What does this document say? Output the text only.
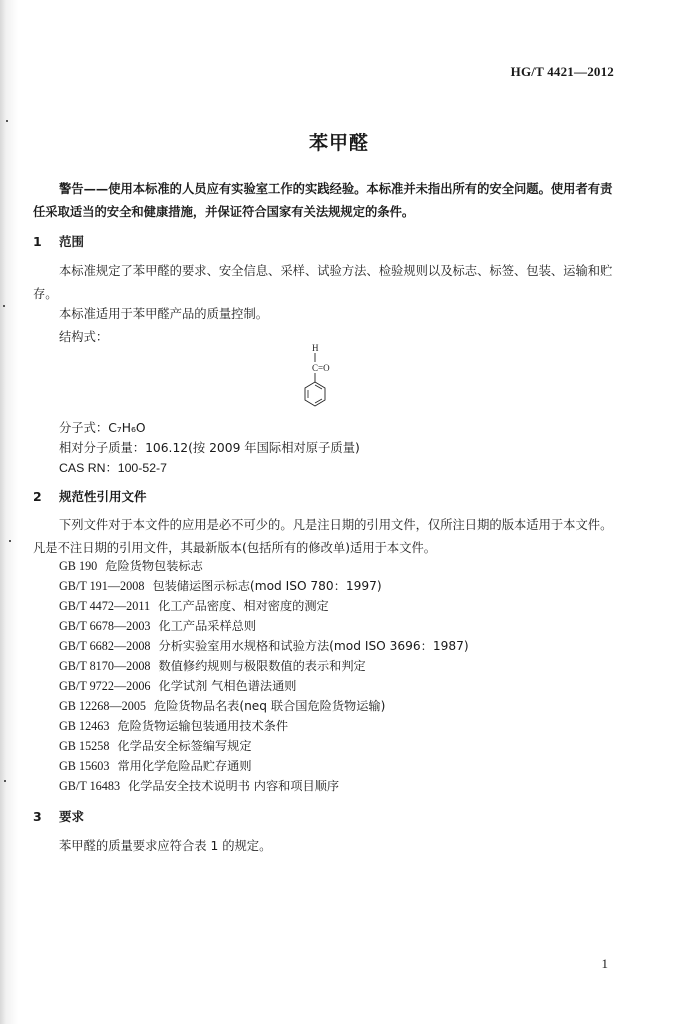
HG/T 4421—2012
苯甲醛
警告——使用本标准的人员应有实验室工作的实践经验。本标准并未指出所有的安全问题。使用者有责任采取适当的安全和健康措施，并保证符合国家有关法规规定的条件。
1 范围
本标准规定了苯甲醛的要求、安全信息、采样、试验方法、检验规则以及标志、标签、包装、运输和贮存。
本标准适用于苯甲醛产品的质量控制。
结构式：
H
C=O
分子式：C₇H₆O
相对分子质量：106.12(按 2009 年国际相对原子质量)
CAS RN：100-52-7
2 规范性引用文件
下列文件对于本文件的应用是必不可少的。凡是注日期的引用文件，仅所注日期的版本适用于本文件。凡是不注日期的引用文件，其最新版本(包括所有的修改单)适用于本文件。
GB 190 危险货物包装标志
GB/T 191—2008 包装储运图示标志(mod ISO 780：1997)
GB/T 4472—2011 化工产品密度、相对密度的测定
GB/T 6678—2003 化工产品采样总则
GB/T 6682—2008 分析实验室用水规格和试验方法(mod ISO 3696：1987)
GB/T 8170—2008 数值修约规则与极限数值的表示和判定
GB/T 9722—2006 化学试剂 气相色谱法通则
GB 12268—2005 危险货物品名表(neq 联合国危险货物运输)
GB 12463 危险货物运输包装通用技术条件
GB 15258 化学品安全标签编写规定
GB 15603 常用化学危险品贮存通则
GB/T 16483 化学品安全技术说明书 内容和项目顺序
3 要求
苯甲醛的质量要求应符合表 1 的规定。
1
